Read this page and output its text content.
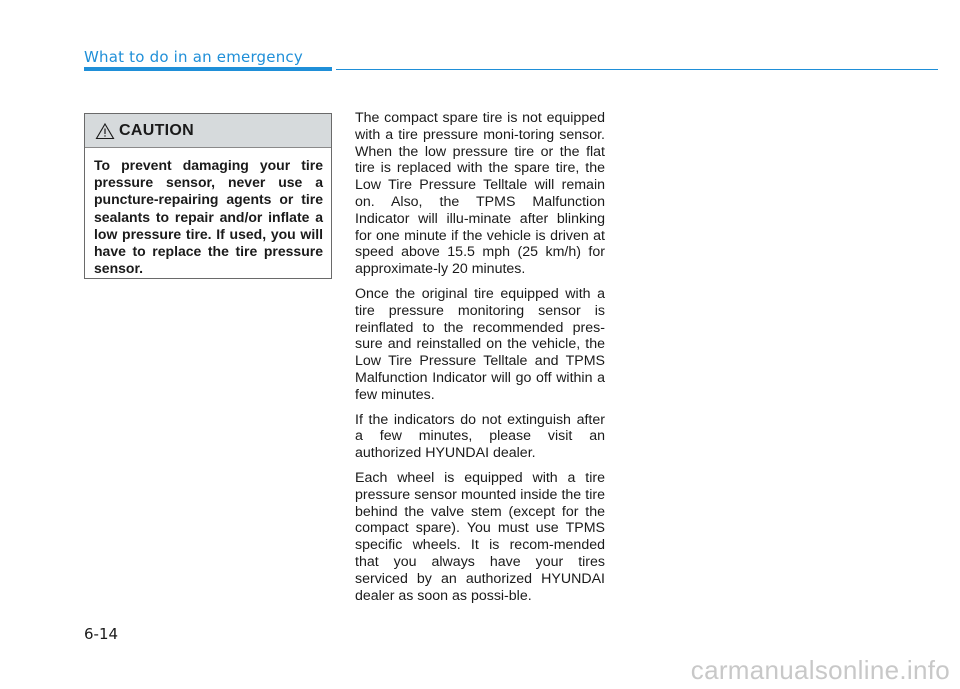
What to do in an emergency
CAUTION

To prevent damaging your tire pressure sensor, never use a puncture-repairing agents or tire sealants to repair and/or inflate a low pressure tire. If used, you will have to replace the tire pressure sensor.

The compact spare tire is not equipped with a tire pressure moni-toring sensor. When the low pressure tire or the flat tire is replaced with the spare tire, the Low Tire Pressure Telltale will remain on. Also, the TPMS Malfunction Indicator will illu-minate after blinking for one minute if the vehicle is driven at speed above 15.5 mph (25 km/h) for approximate-ly 20 minutes.

Once the original tire equipped with a tire pressure monitoring sensor is reinflated to the recommended pres-sure and reinstalled on the vehicle, the Low Tire Pressure Telltale and TPMS Malfunction Indicator will go off within a few minutes.

If the indicators do not extinguish after a few minutes, please visit an authorized HYUNDAI dealer.

Each wheel is equipped with a tire pressure sensor mounted inside the tire behind the valve stem (except for the compact spare). You must use TPMS specific wheels. It is recom-mended that you always have your tires serviced by an authorized HYUNDAI dealer as soon as possi-ble.

6-14
carmanualsonline.info
